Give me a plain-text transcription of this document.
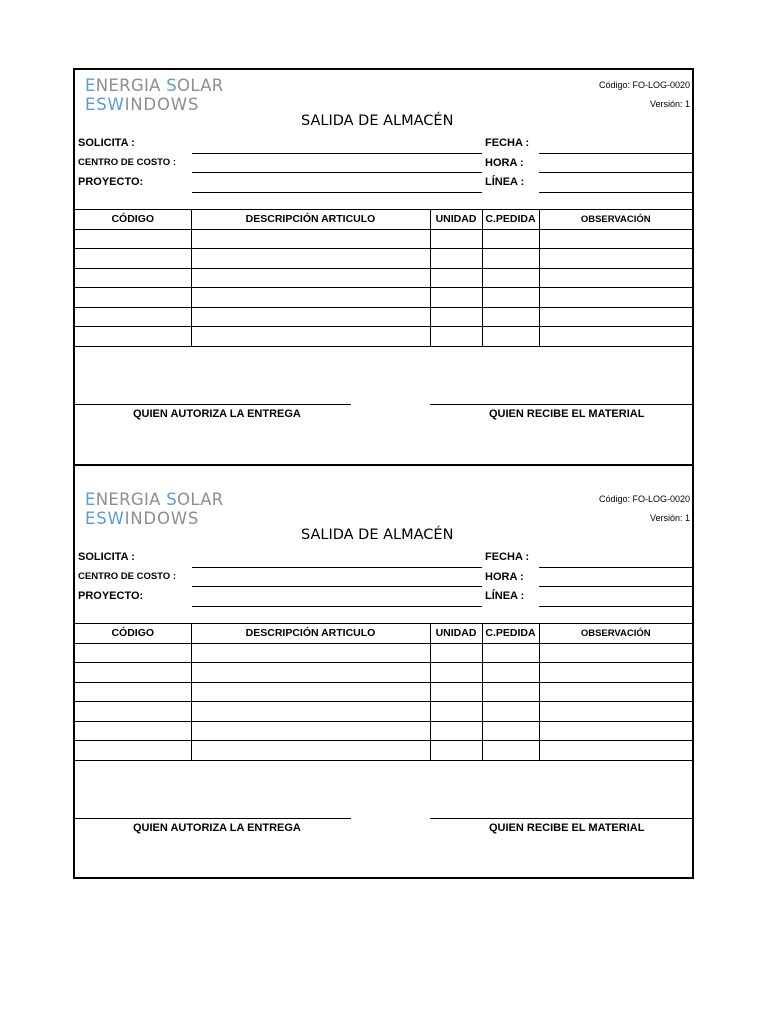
ENERGIA SOLAR
ESWINDOWS
Código: FO-LOG-0020
Versión: 1
SALIDA DE ALMACÉN
SOLICITA :
CENTRO DE COSTO :
PROYECTO:
FECHA :
HORA :
LÍNEA :
CÓDIGO	DESCRIPCIÓN ARTICULO	UNIDAD	C.PEDIDA	OBSERVACIÓN

QUIEN AUTORIZA LA ENTREGA	QUIEN RECIBE EL MATERIAL
ENERGIA SOLAR
ESWINDOWS
Código: FO-LOG-0020
Versión: 1
SALIDA DE ALMACÉN
SOLICITA :
CENTRO DE COSTO :
PROYECTO:
FECHA :
HORA :
LÍNEA :
CÓDIGO	DESCRIPCIÓN ARTICULO	UNIDAD	C.PEDIDA	OBSERVACIÓN

QUIEN AUTORIZA LA ENTREGA	QUIEN RECIBE EL MATERIAL
